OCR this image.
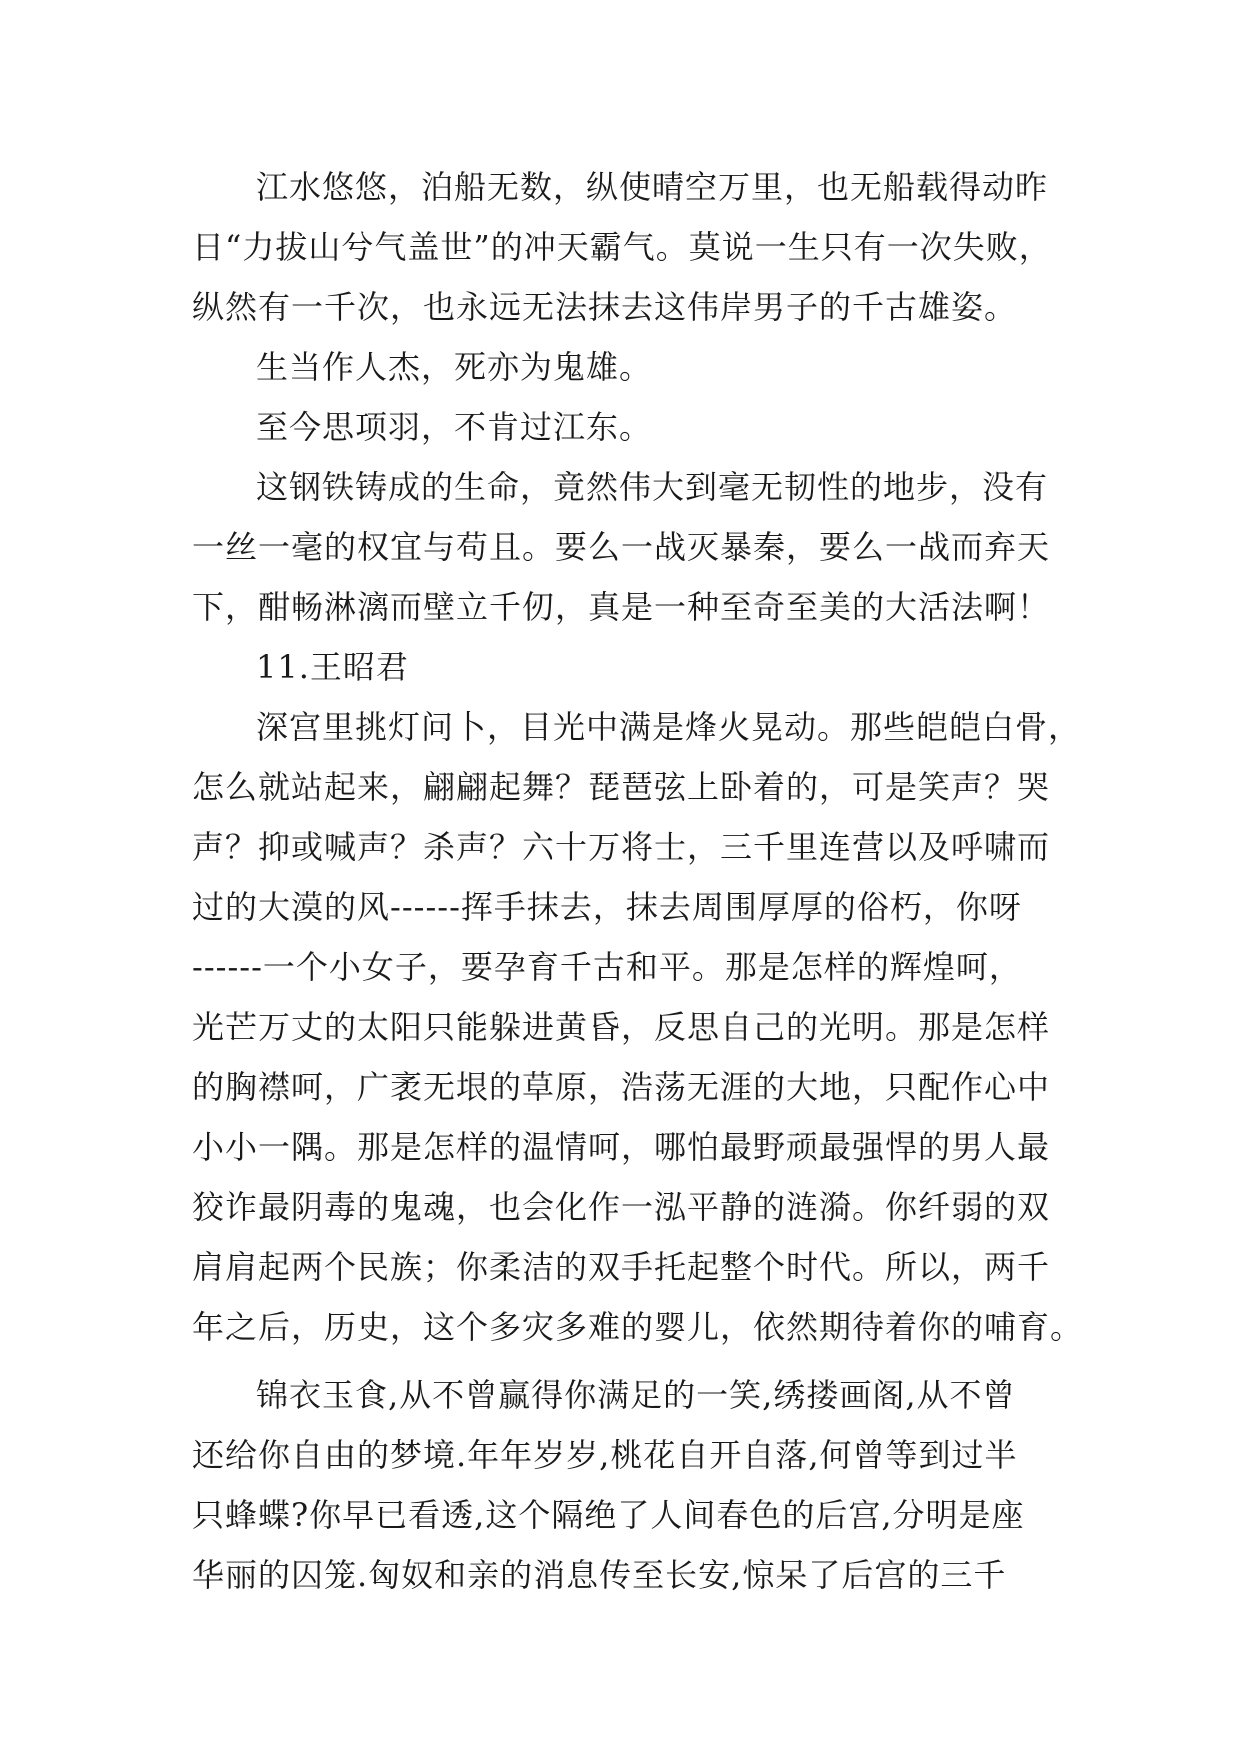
江水悠悠，泊船无数，纵使晴空万里，也无船载得动昨
日“力拔山兮气盖世”的冲天霸气。莫说一生只有一次失败，
纵然有一千次，也永远无法抹去这伟岸男子的千古雄姿。
生当作人杰，死亦为鬼雄。
至今思项羽，不肯过江东。
这钢铁铸成的生命，竟然伟大到毫无韧性的地步，没有
一丝一毫的权宜与苟且。要么一战灭暴秦，要么一战而弃天
下，酣畅淋漓而壁立千仞，真是一种至奇至美的大活法啊！
11.王昭君
深宫里挑灯问卜，目光中满是烽火晃动。那些皑皑白骨，
怎么就站起来，翩翩起舞？琵琶弦上卧着的，可是笑声？哭
声？抑或喊声？杀声？六十万将士，三千里连营以及呼啸而
过的大漠的风------挥手抹去，抹去周围厚厚的俗朽，你呀
------一个小女子，要孕育千古和平。那是怎样的辉煌呵，
光芒万丈的太阳只能躲进黄昏，反思自己的光明。那是怎样
的胸襟呵，广袤无垠的草原，浩荡无涯的大地，只配作心中
小小一隅。那是怎样的温情呵，哪怕最野顽最强悍的男人最
狡诈最阴毒的鬼魂，也会化作一泓平静的涟漪。你纤弱的双
肩肩起两个民族；你柔洁的双手托起整个时代。所以，两千
年之后，历史，这个多灾多难的婴儿，依然期待着你的哺育。
锦衣玉食,从不曾赢得你满足的一笑,绣搂画阁,从不曾
还给你自由的梦境.年年岁岁,桃花自开自落,何曾等到过半
只蜂蝶?你早已看透,这个隔绝了人间春色的后宫,分明是座
华丽的囚笼.匈奴和亲的消息传至长安,惊呆了后宫的三千
